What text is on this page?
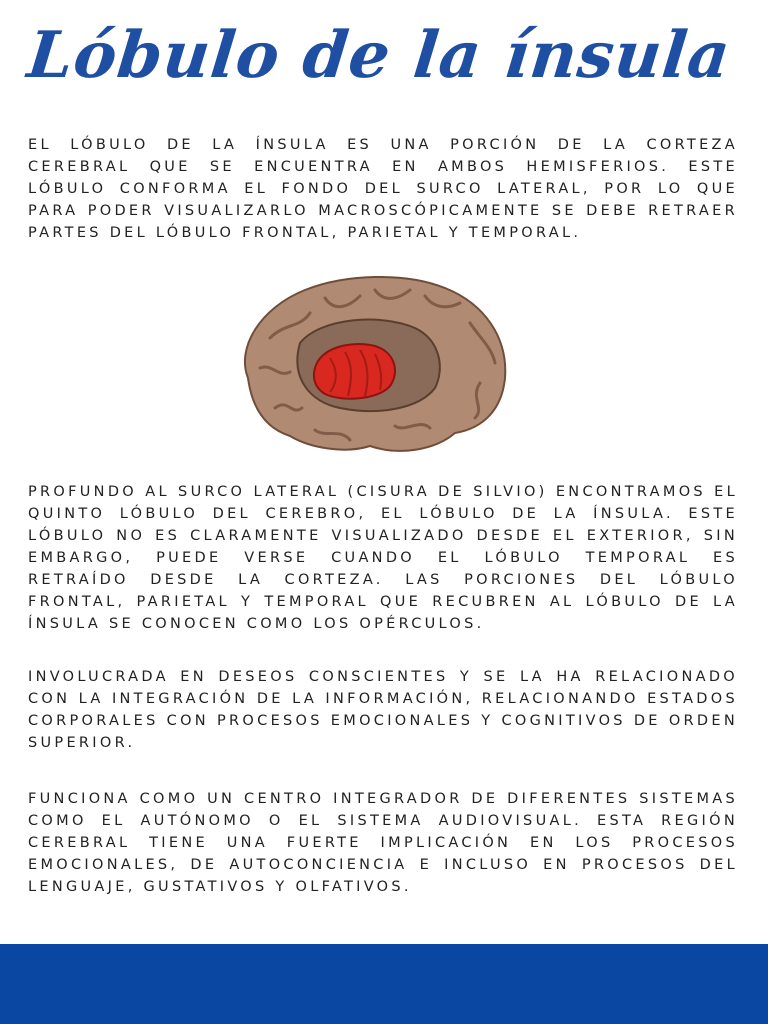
Lóbulo de la ínsula

EL LÓBULO DE LA ÍNSULA ES UNA PORCIÓN DE LA CORTEZA CEREBRAL QUE SE ENCUENTRA EN AMBOS HEMISFERIOS. ESTE LÓBULO CONFORMA EL FONDO DEL SURCO LATERAL, POR LO QUE PARA PODER VISUALIZARLO MACROSCÓPICAMENTE SE DEBE RETRAER PARTES DEL LÓBULO FRONTAL, PARIETAL Y TEMPORAL.

PROFUNDO AL SURCO LATERAL (CISURA DE SILVIO) ENCONTRAMOS EL QUINTO LÓBULO DEL CEREBRO, EL LÓBULO DE LA ÍNSULA. ESTE LÓBULO NO ES CLARAMENTE VISUALIZADO DESDE EL EXTERIOR, SIN EMBARGO, PUEDE VERSE CUANDO EL LÓBULO TEMPORAL ES RETRAÍDO DESDE LA CORTEZA. LAS PORCIONES DEL LÓBULO FRONTAL, PARIETAL Y TEMPORAL QUE RECUBREN AL LÓBULO DE LA ÍNSULA SE CONOCEN COMO LOS OPÉRCULOS.

INVOLUCRADA EN DESEOS CONSCIENTES Y SE LA HA RELACIONADO CON LA INTEGRACIÓN DE LA INFORMACIÓN, RELACIONANDO ESTADOS CORPORALES CON PROCESOS EMOCIONALES Y COGNITIVOS DE ORDEN SUPERIOR.

FUNCIONA COMO UN CENTRO INTEGRADOR DE DIFERENTES SISTEMAS COMO EL AUTÓNOMO O EL SISTEMA AUDIOVISUAL. ESTA REGIÓN CEREBRAL TIENE UNA FUERTE IMPLICACIÓN EN LOS PROCESOS EMOCIONALES, DE AUTOCONCIENCIA E INCLUSO EN PROCESOS DEL LENGUAJE, GUSTATIVOS Y OLFATIVOS.
